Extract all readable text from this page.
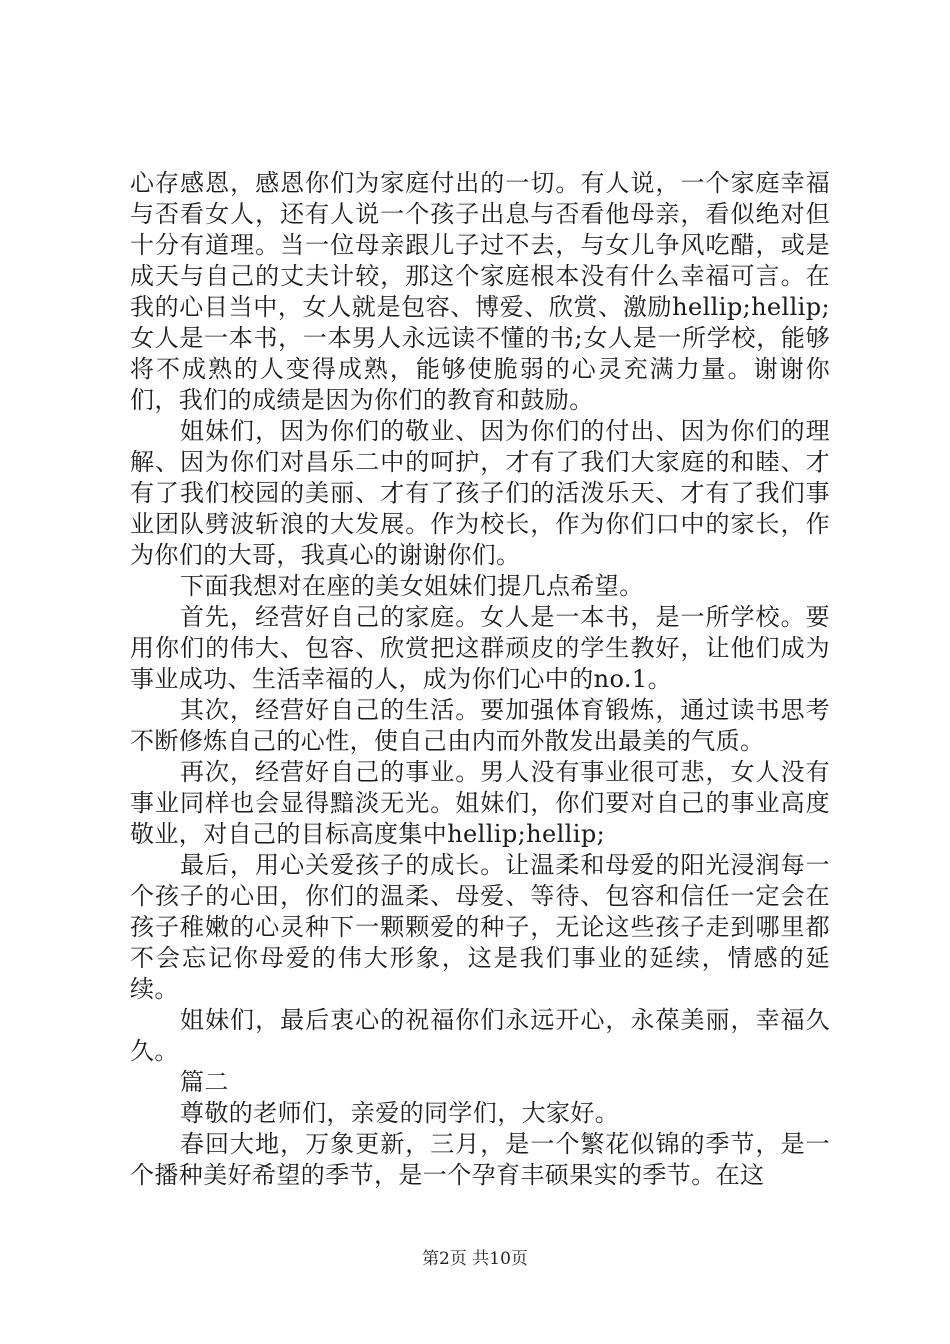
心存感恩，感恩你们为家庭付出的一切。有人说，一个家庭幸福与否看女人，还有人说一个孩子出息与否看他母亲，看似绝对但十分有道理。当一位母亲跟儿子过不去，与女儿争风吃醋，或是成天与自己的丈夫计较，那这个家庭根本没有什么幸福可言。在我的心目当中，女人就是包容、博爱、欣赏、激励hellip;hellip;女人是一本书，一本男人永远读不懂的书;女人是一所学校，能够将不成熟的人变得成熟，能够使脆弱的心灵充满力量。谢谢你们，我们的成绩是因为你们的教育和鼓励。

姐妹们，因为你们的敬业、因为你们的付出、因为你们的理解、因为你们对昌乐二中的呵护，才有了我们大家庭的和睦、才有了我们校园的美丽、才有了孩子们的活泼乐天、才有了我们事业团队劈波斩浪的大发展。作为校长，作为你们口中的家长，作为你们的大哥，我真心的谢谢你们。

下面我想对在座的美女姐妹们提几点希望。

首先，经营好自己的家庭。女人是一本书，是一所学校。要用你们的伟大、包容、欣赏把这群顽皮的学生教好，让他们成为事业成功、生活幸福的人，成为你们心中的no.1。

其次，经营好自己的生活。要加强体育锻炼，通过读书思考不断修炼自己的心性，使自己由内而外散发出最美的气质。

再次，经营好自己的事业。男人没有事业很可悲，女人没有事业同样也会显得黯淡无光。姐妹们，你们要对自己的事业高度敬业，对自己的目标高度集中hellip;hellip;

最后，用心关爱孩子的成长。让温柔和母爱的阳光浸润每一个孩子的心田，你们的温柔、母爱、等待、包容和信任一定会在孩子稚嫩的心灵种下一颗颗爱的种子，无论这些孩子走到哪里都不会忘记你母爱的伟大形象，这是我们事业的延续，情感的延续。

姐妹们，最后衷心的祝福你们永远开心，永葆美丽，幸福久久。

篇二

尊敬的老师们，亲爱的同学们，大家好。

春回大地，万象更新，三月，是一个繁花似锦的季节，是一个播种美好希望的季节，是一个孕育丰硕果实的季节。在这

第2页 共10页
